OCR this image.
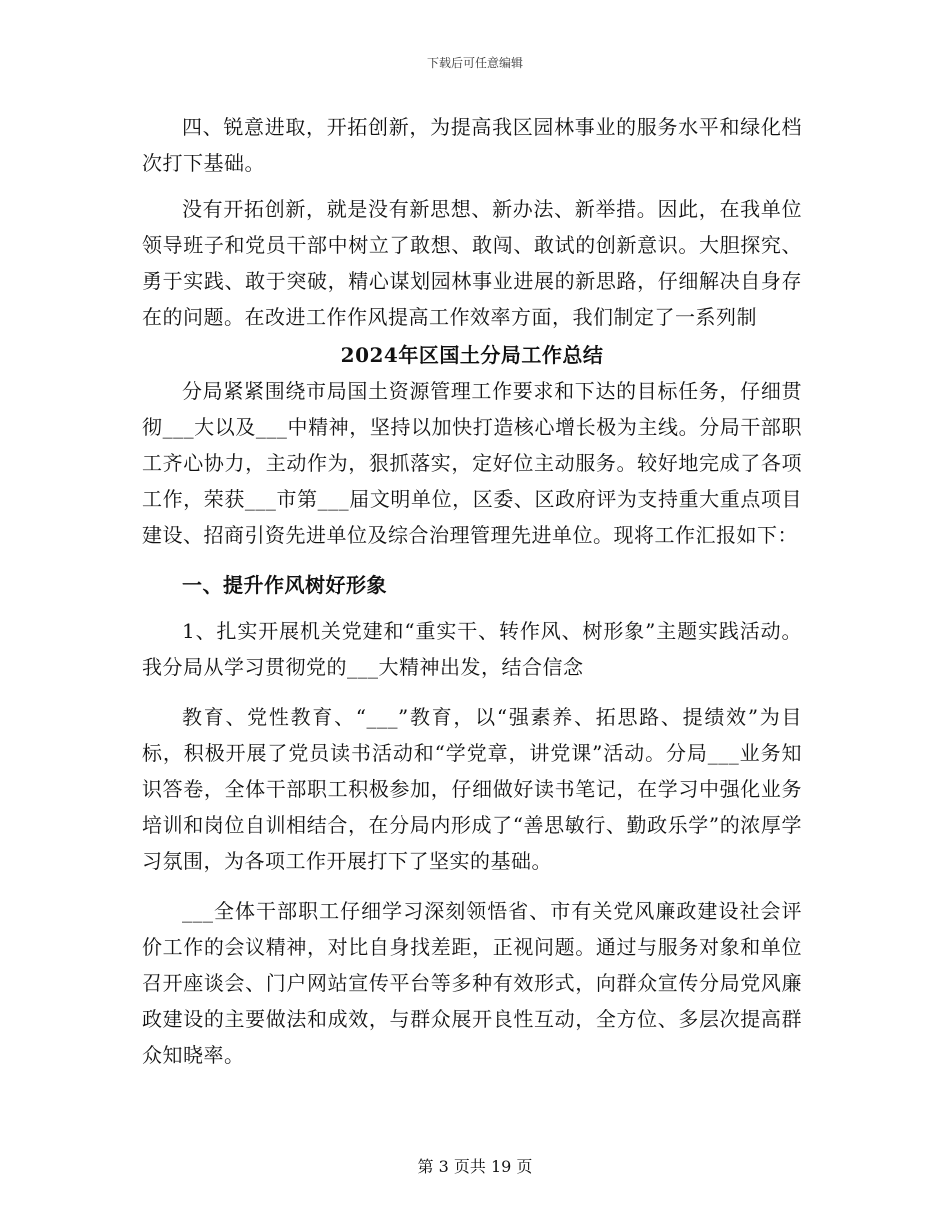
下载后可任意编辑

四、锐意进取，开拓创新，为提高我区园林事业的服务水平和绿化档次打下基础。

没有开拓创新，就是没有新思想、新办法、新举措。因此，在我单位领导班子和党员干部中树立了敢想、敢闯、敢试的创新意识。大胆探究、勇于实践、敢于突破，精心谋划园林事业进展的新思路，仔细解决自身存在的问题。在改进工作作风提高工作效率方面，我们制定了一系列制

2024年区国土分局工作总结

分局紧紧围绕市局国土资源管理工作要求和下达的目标任务，仔细贯彻___大以及___中精神，坚持以加快打造核心增长极为主线。分局干部职工齐心协力，主动作为，狠抓落实，定好位主动服务。较好地完成了各项工作，荣获___市第___届文明单位，区委、区政府评为支持重大重点项目建设、招商引资先进单位及综合治理管理先进单位。现将工作汇报如下：

一、提升作风树好形象

1、扎实开展机关党建和“重实干、转作风、树形象”主题实践活动。我分局从学习贯彻党的___大精神出发，结合信念

教育、党性教育、“___”教育，以“强素养、拓思路、提绩效”为目标，积极开展了党员读书活动和“学党章，讲党课”活动。分局___业务知识答卷，全体干部职工积极参加，仔细做好读书笔记，在学习中强化业务培训和岗位自训相结合，在分局内形成了“善思敏行、勤政乐学”的浓厚学习氛围，为各项工作开展打下了坚实的基础。

___全体干部职工仔细学习深刻领悟省、市有关党风廉政建设社会评价工作的会议精神，对比自身找差距，正视问题。通过与服务对象和单位召开座谈会、门户网站宣传平台等多种有效形式，向群众宣传分局党风廉政建设的主要做法和成效，与群众展开良性互动，全方位、多层次提高群众知晓率。

第 3 页共 19 页
